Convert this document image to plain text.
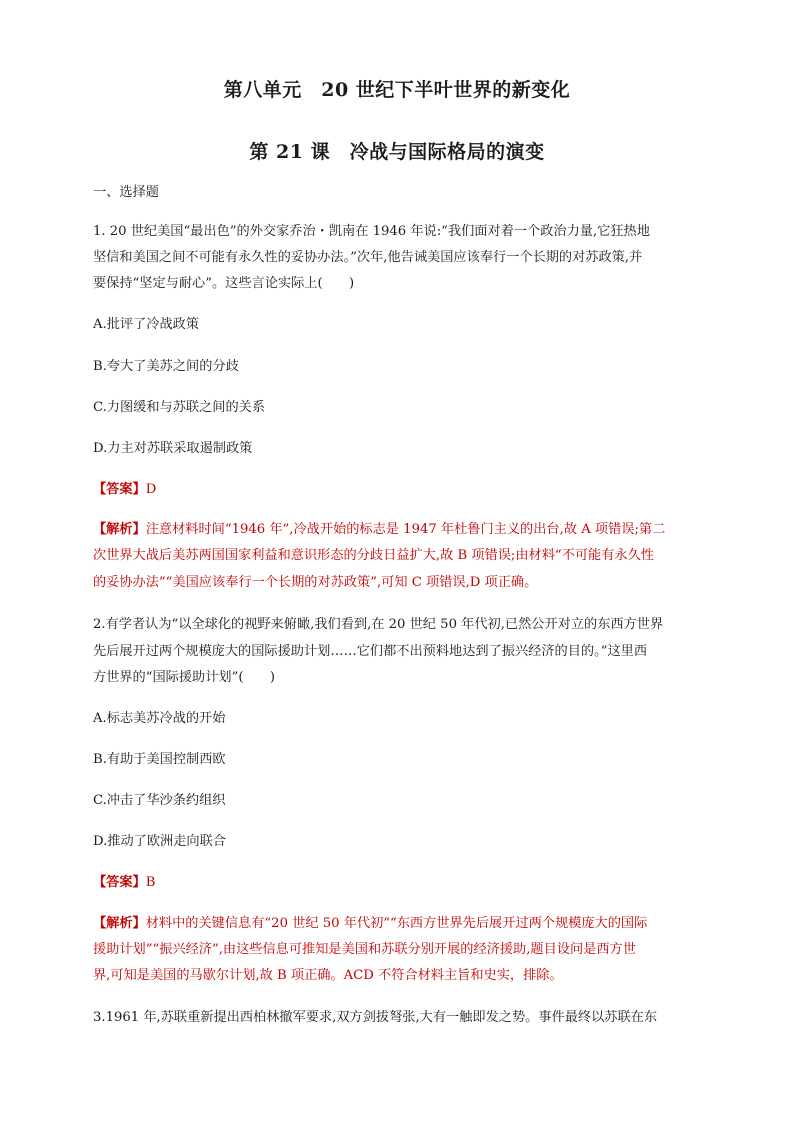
第八单元　20 世纪下半叶世界的新变化
第 21 课　冷战与国际格局的演变
一、选择题
1. 20 世纪美国“最出色”的外交家乔治・凯南在 1946 年说:“我们面对着一个政治力量,它狂热地
坚信和美国之间不可能有永久性的妥协办法。”次年,他告诫美国应该奉行一个长期的对苏政策,并
要保持“坚定与耐心”。这些言论实际上(　　)
A.批评了冷战政策
B.夸大了美苏之间的分歧
C.力图缓和与苏联之间的关系
D.力主对苏联采取遏制政策
【答案】D
【解析】注意材料时间“1946 年”,冷战开始的标志是 1947 年杜鲁门主义的出台,故 A 项错误;第二
次世界大战后美苏两国国家利益和意识形态的分歧日益扩大,故 B 项错误;由材料“不可能有永久性
的妥协办法”“美国应该奉行一个长期的对苏政策”,可知 C 项错误,D 项正确。
2.有学者认为“以全球化的视野来俯瞰,我们看到,在 20 世纪 50 年代初,已然公开对立的东西方世界
先后展开过两个规模庞大的国际援助计划……它们都不出预料地达到了振兴经济的目的。”这里西
方世界的“国际援助计划”(　　)
A.标志美苏冷战的开始
B.有助于美国控制西欧
C.冲击了华沙条约组织
D.推动了欧洲走向联合
【答案】B
【解析】材料中的关键信息有“20 世纪 50 年代初”“东西方世界先后展开过两个规模庞大的国际
援助计划”“振兴经济”,由这些信息可推知是美国和苏联分别开展的经济援助,题目设问是西方世
界,可知是美国的马歇尔计划,故 B 项正确。ACD 不符合材料主旨和史实，排除。
3.1961 年,苏联重新提出西柏林撤军要求,双方剑拔弩张,大有一触即发之势。事件最终以苏联在东
